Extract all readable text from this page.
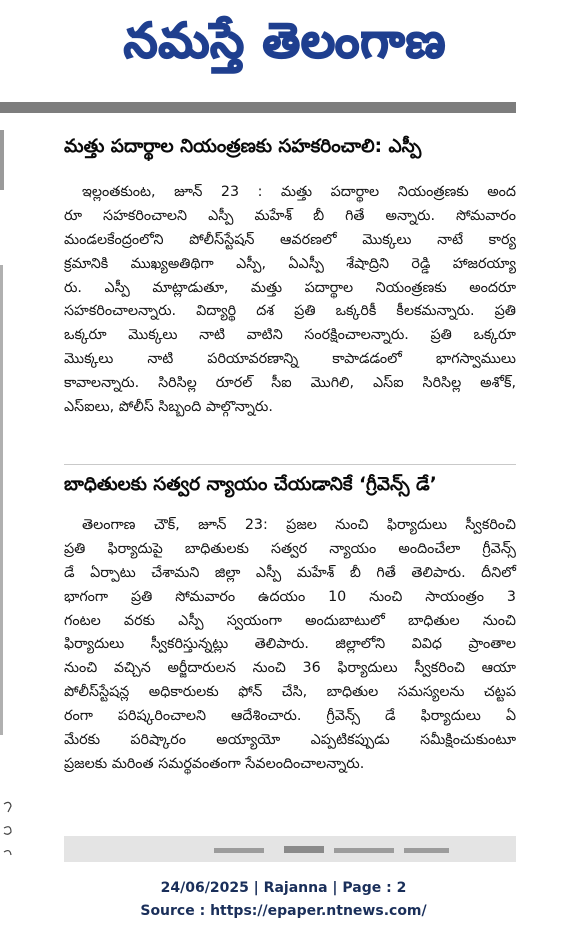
నమస్తే తెలంగాణ
మత్తు పదార్థాల నియంత్రణకు సహకరించాలి: ఎస్పీ
ఇల్లంతకుంట, జూన్ 23 : మత్తు పదార్థాల నియంత్రణకు అంద
రూ సహకరించాలని ఎస్పీ మహేశ్ బీ గితే అన్నారు. సోమవారం
మండలకేంద్రంలోని పోలీస్‌స్టేషన్ ఆవరణలో మొక్కలు నాటే కార్య
క్రమానికి ముఖ్యఅతిథిగా ఎస్పీ, ఏఎస్పీ శేషాద్రిని రెడ్డి హాజరయ్యా
రు. ఎస్పీ మాట్లాడుతూ, మత్తు పదార్థాల నియంత్రణకు అందరూ
సహకరించాలన్నారు. విద్యార్థి దశ ప్రతి ఒక్కరికీ కీలకమన్నారు. ప్రతి
ఒక్కరూ మొక్కలు నాటి వాటిని సంరక్షించాలన్నారు. ప్రతి ఒక్కరూ
మొక్కలు నాటి పరియావరణాన్ని కాపాడడంలో భాగస్వాములు
కావాలన్నారు. సిరిసిల్ల రూరల్ సీఐ మొగిలి, ఎస్ఐ సిరిసిల్ల అశోక్,
ఎస్ఐలు, పోలీస్ సిబ్బంది పాల్గొన్నారు.
బాధితులకు సత్వర న్యాయం చేయడానికే ‘గ్రీవెన్స్ డే’
తెలంగాణ చౌక్, జూన్ 23: ప్రజల నుంచి ఫిర్యాదులు స్వీకరించి
ప్రతి ఫిర్యాదుపై బాధితులకు సత్వర న్యాయం అందించేలా గ్రీవెన్స్
డే ఏర్పాటు చేశామని జిల్లా ఎస్పీ మహేశ్ బీ గితే తెలిపారు. దీనిలో
భాగంగా ప్రతి సోమవారం ఉదయం 10 నుంచి సాయంత్రం 3
గంటల వరకు ఎస్పీ స్వయంగా అందుబాటులో బాధితుల నుంచి
ఫిర్యాదులు స్వీకరిస్తున్నట్లు తెలిపారు. జిల్లాలోని వివిధ ప్రాంతాల
నుంచి వచ్చిన అర్జీదారులన నుంచి 36 ఫిర్యాదులు స్వీకరించి ఆయా
పోలీస్‌స్టేషన్ల అధికారులకు ఫోన్ చేసి, బాధితుల సమస్యలను చట్టప
రంగా పరిష్కరించాలని ఆదేశించారు. గ్రీవెన్స్ డే ఫిర్యాదులు ఏ
మేరకు పరిష్కారం అయ్యాయో ఎప్పటికప్పుడు సమీక్షించుకుంటూ
ప్రజలకు మరింత సమర్థవంతంగా సేవలందించాలన్నారు.
24/06/2025 | Rajanna | Page : 2
Source : https://epaper.ntnews.com/
